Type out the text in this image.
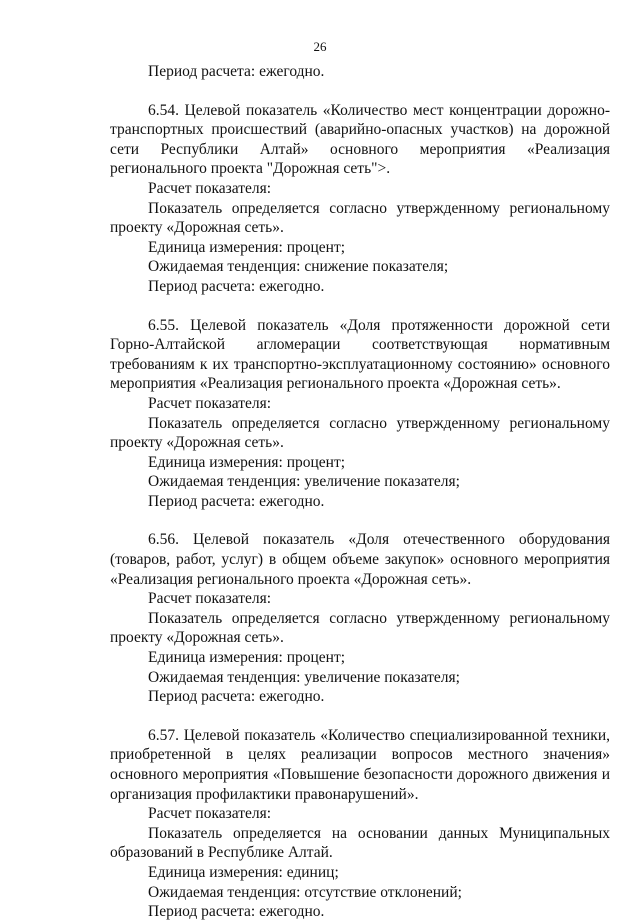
26

Период расчета: ежегодно.

6.54. Целевой показатель «Количество мест концентрации дорожно-транспортных происшествий (аварийно-опасных участков) на дорожной сети Республики Алтай» основного мероприятия «Реализация регионального проекта "Дорожная сеть">.

Расчет показателя:

Показатель определяется согласно утвержденному региональному проекту «Дорожная сеть».

Единица измерения: процент;

Ожидаемая тенденция: снижение показателя;

Период расчета: ежегодно.

6.55. Целевой показатель «Доля протяженности дорожной сети Горно-Алтайской агломерации соответствующая нормативным требованиям к их транспортно-эксплуатационному состоянию» основного мероприятия «Реализация регионального проекта «Дорожная сеть».

Расчет показателя:

Показатель определяется согласно утвержденному региональному проекту «Дорожная сеть».

Единица измерения: процент;

Ожидаемая тенденция: увеличение показателя;

Период расчета: ежегодно.

6.56. Целевой показатель «Доля отечественного оборудования (товаров, работ, услуг) в общем объеме закупок» основного мероприятия «Реализация регионального проекта «Дорожная сеть».

Расчет показателя:

Показатель определяется согласно утвержденному региональному проекту «Дорожная сеть».

Единица измерения: процент;

Ожидаемая тенденция: увеличение показателя;

Период расчета: ежегодно.

6.57. Целевой показатель «Количество специализированной техники, приобретенной в целях реализации вопросов местного значения» основного мероприятия «Повышение безопасности дорожного движения и организация профилактики правонарушений».

Расчет показателя:

Показатель определяется на основании данных Муниципальных образований в Республике Алтай.

Единица измерения: единиц;

Ожидаемая тенденция: отсутствие отклонений;

Период расчета: ежегодно.
